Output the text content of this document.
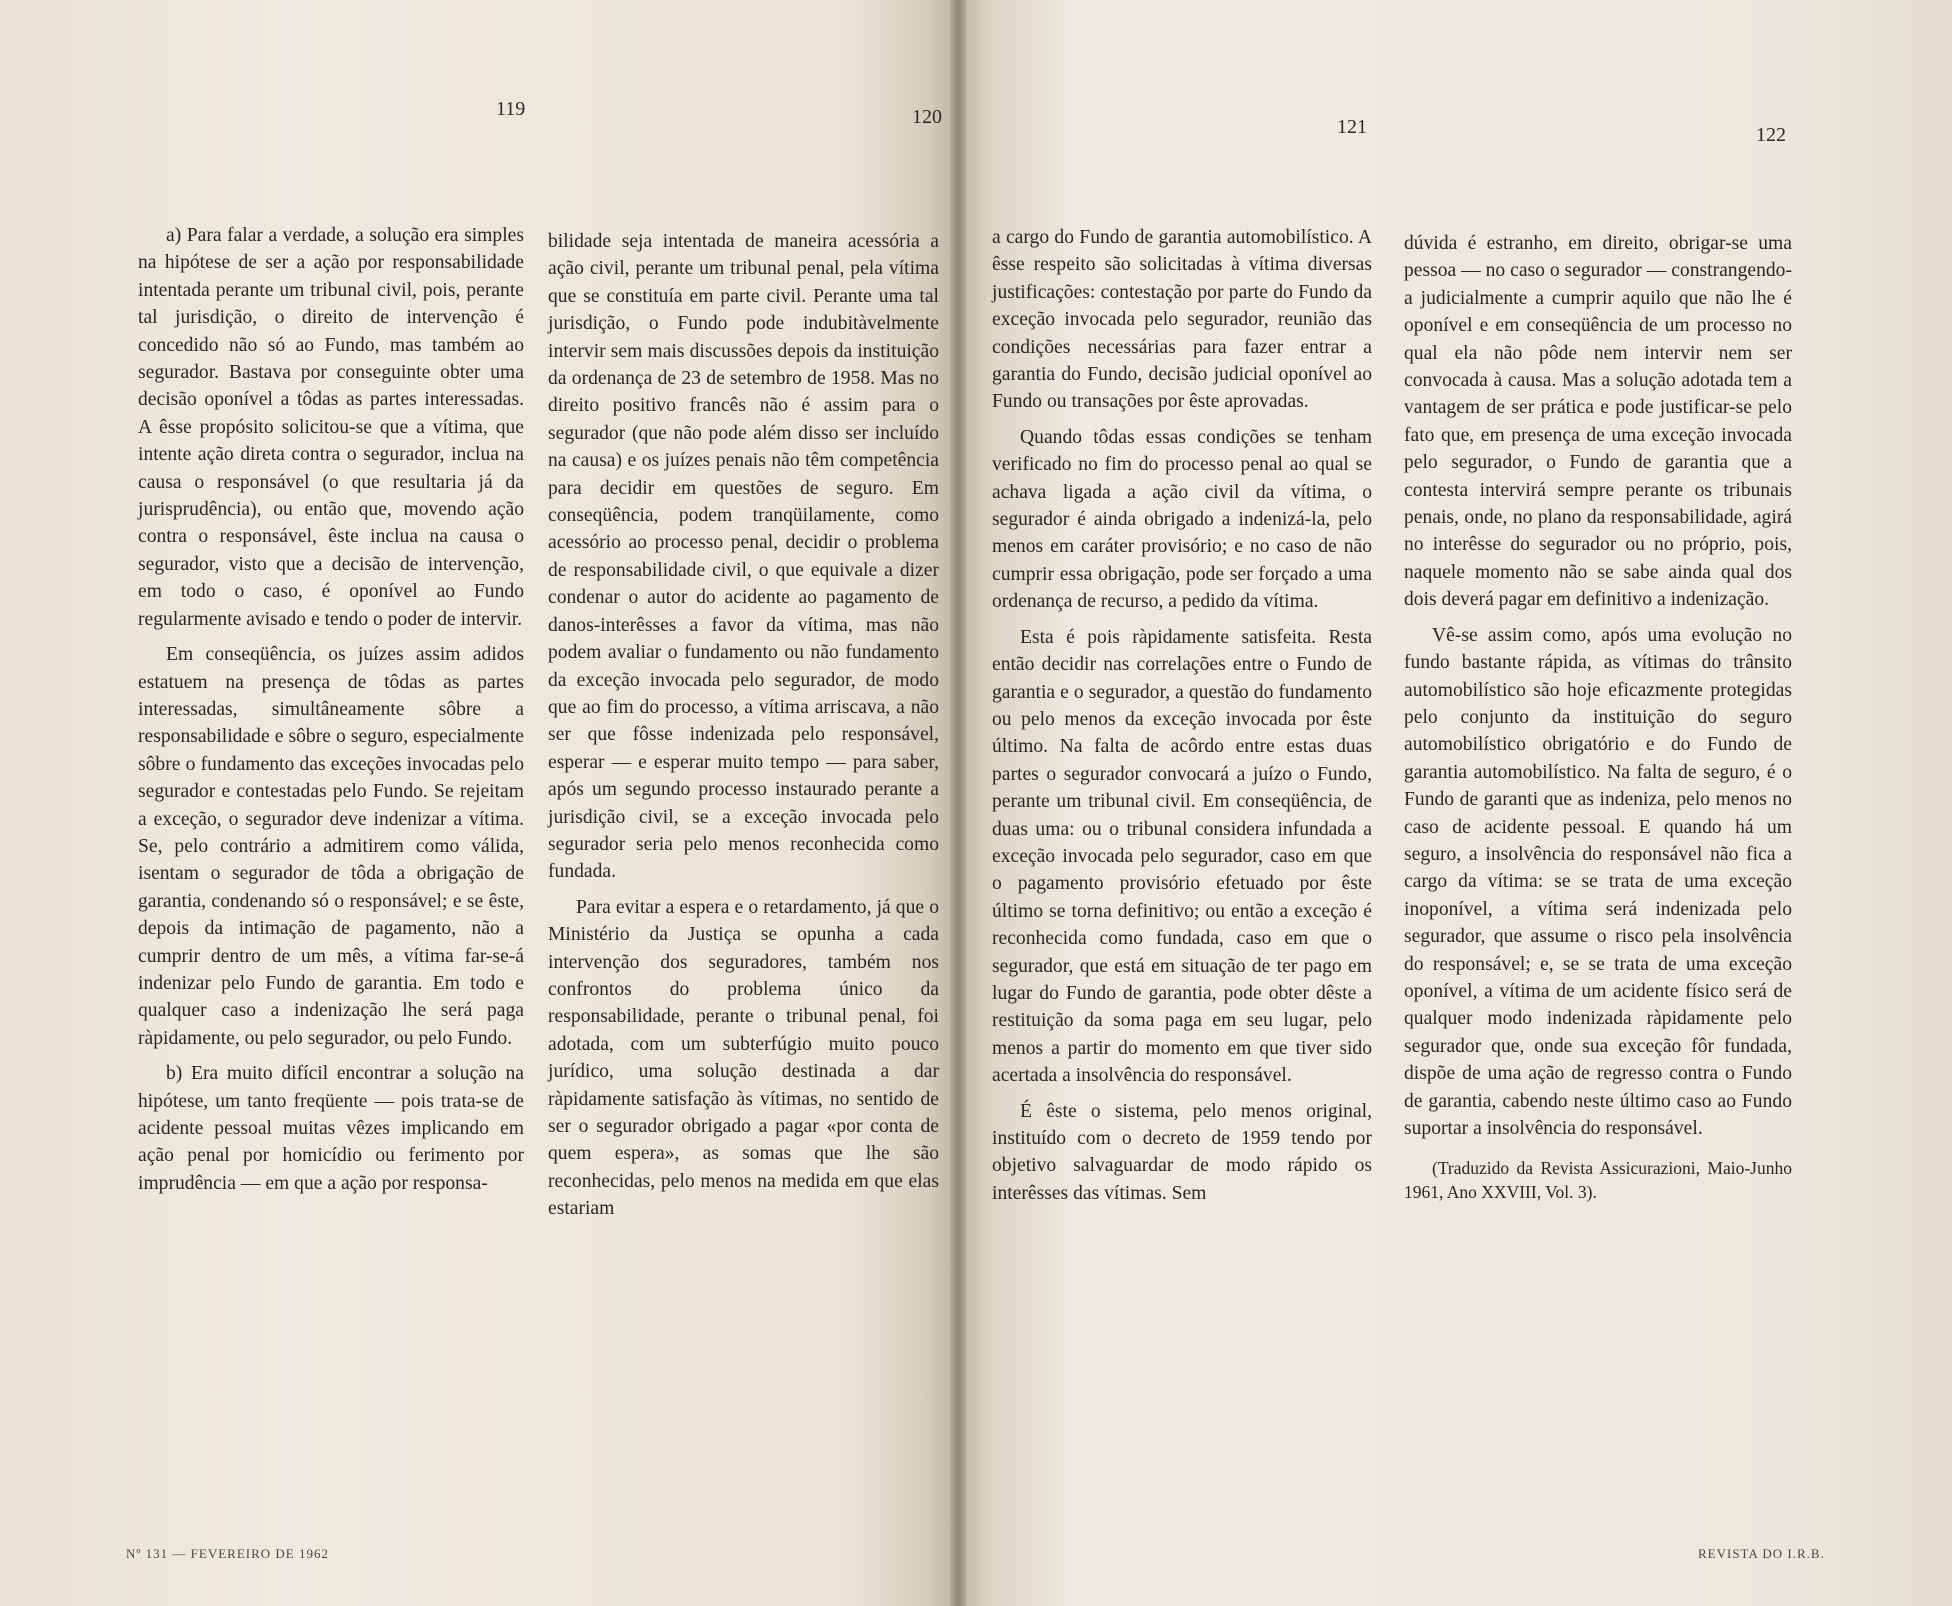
119	120	121	122

a) Para falar a verdade, a solução era simples na hipótese de ser a ação por responsabilidade intentada perante um tribunal civil, pois, perante tal jurisdição, o direito de intervenção é concedido não só ao Fundo, mas também ao segurador. Bastava por conseguinte obter uma decisão oponível a tôdas as partes interessadas. A êsse propósito solicitou-se que a vítima, que intente ação direta contra o segurador, inclua na causa o responsável (o que resultaria já da jurisprudência), ou então que, movendo ação contra o responsável, êste inclua na causa o segurador, visto que a decisão de intervenção, em todo o caso, é oponível ao Fundo regularmente avisado e tendo o poder de intervir.

Em conseqüência, os juízes assim adidos estatuem na presença de tôdas as partes interessadas, simultâneamente sôbre a responsabilidade e sôbre o seguro, especialmente sôbre o fundamento das exceções invocadas pelo segurador e contestadas pelo Fundo. Se rejeitam a exceção, o segurador deve indenizar a vítima. Se, pelo contrário a admitirem como válida, isentam o segurador de tôda a obrigação de garantia, condenando só o responsável; e se êste, depois da intimação de pagamento, não a cumprir dentro de um mês, a vítima far-se-á indenizar pelo Fundo de garantia. Em todo e qualquer caso a indenização lhe será paga ràpidamente, ou pelo segurador, ou pelo Fundo.

b) Era muito difícil encontrar a solução na hipótese, um tanto freqüente — pois trata-se de acidente pessoal muitas vêzes implicando em ação penal por homicídio ou ferimento por imprudência — em que a ação por responsa-

bilidade seja intentada de maneira acessória a ação civil, perante um tribunal penal, pela vítima que se constituía em parte civil. Perante uma tal jurisdição, o Fundo pode indubitàvelmente intervir sem mais discussões depois da instituição da ordenança de 23 de setembro de 1958. Mas no direito positivo francês não é assim para o segurador (que não pode além disso ser incluído na causa) e os juízes penais não têm competência para decidir em questões de seguro. Em conseqüência, podem tranqüilamente, como acessório ao processo penal, decidir o problema de responsabilidade civil, o que equivale a dizer condenar o autor do acidente ao pagamento de danos-interêsses a favor da vítima, mas não podem avaliar o fundamento ou não fundamento da exceção invocada pelo segurador, de modo que ao fim do processo, a vítima arriscava, a não ser que fôsse indenizada pelo responsável, esperar — e esperar muito tempo — para saber, após um segundo processo instaurado perante a jurisdição civil, se a exceção invocada pelo segurador seria pelo menos reconhecida como fundada.

Para evitar a espera e o retardamento, já que o Ministério da Justiça se opunha a cada intervenção dos seguradores, também nos confrontos do problema único da responsabilidade, perante o tribunal penal, foi adotada, com um subterfúgio muito pouco jurídico, uma solução destinada a dar ràpidamente satisfação às vítimas, no sentido de ser o segurador obrigado a pagar «por conta de quem espera», as somas que lhe são reconhecidas, pelo menos na medida em que elas estariam

a cargo do Fundo de garantia automobilístico. A êsse respeito são solicitadas à vítima diversas justificações: contestação por parte do Fundo da exceção invocada pelo segurador, reunião das condições necessárias para fazer entrar a garantia do Fundo, decisão judicial oponível ao Fundo ou transações por êste aprovadas.

Quando tôdas essas condições se tenham verificado no fim do processo penal ao qual se achava ligada a ação civil da vítima, o segurador é ainda obrigado a indenizá-la, pelo menos em caráter provisório; e no caso de não cumprir essa obrigação, pode ser forçado a uma ordenança de recurso, a pedido da vítima.

Esta é pois ràpidamente satisfeita. Resta então decidir nas correlações entre o Fundo de garantia e o segurador, a questão do fundamento ou pelo menos da exceção invocada por êste último. Na falta de acôrdo entre estas duas partes o segurador convocará a juízo o Fundo, perante um tribunal civil. Em conseqüência, de duas uma: ou o tribunal considera infundada a exceção invocada pelo segurador, caso em que o pagamento provisório efetuado por êste último se torna definitivo; ou então a exceção é reconhecida como fundada, caso em que o segurador, que está em situação de ter pago em lugar do Fundo de garantia, pode obter dêste a restituição da soma paga em seu lugar, pelo menos a partir do momento em que tiver sido acertada a insolvência do responsável.

É êste o sistema, pelo menos original, instituído com o decreto de 1959 tendo por objetivo salvaguardar de modo rápido os interêsses das vítimas. Sem

dúvida é estranho, em direito, obrigar-se uma pessoa — no caso o segurador — constrangendo-a judicialmente a cumprir aquilo que não lhe é oponível e em conseqüência de um processo no qual ela não pôde nem intervir nem ser convocada à causa. Mas a solução adotada tem a vantagem de ser prática e pode justificar-se pelo fato que, em presença de uma exceção invocada pelo segurador, o Fundo de garantia que a contesta intervirá sempre perante os tribunais penais, onde, no plano da responsabilidade, agirá no interêsse do segurador ou no próprio, pois, naquele momento não se sabe ainda qual dos dois deverá pagar em definitivo a indenização.

Vê-se assim como, após uma evolução no fundo bastante rápida, as vítimas do trânsito automobilístico são hoje eficazmente protegidas pelo conjunto da instituição do seguro automobilístico obrigatório e do Fundo de garantia automobilístico. Na falta de seguro, é o Fundo de garanti que as indeniza, pelo menos no caso de acidente pessoal. E quando há um seguro, a insolvência do responsável não fica a cargo da vítima: se se trata de uma exceção inoponível, a vítima será indenizada pelo segurador, que assume o risco pela insolvência do responsável; e, se se trata de uma exceção oponível, a vítima de um acidente físico será de qualquer modo indenizada ràpidamente pelo segurador que, onde sua exceção fôr fundada, dispõe de uma ação de regresso contra o Fundo de garantia, cabendo neste último caso ao Fundo suportar a insolvência do responsável.

(Traduzido da Revista Assicurazioni, Maio-Junho 1961, Ano XXVIII, Vol. 3).

Nº 131 — FEVEREIRO DE 1962	REVISTA DO I.R.B.
